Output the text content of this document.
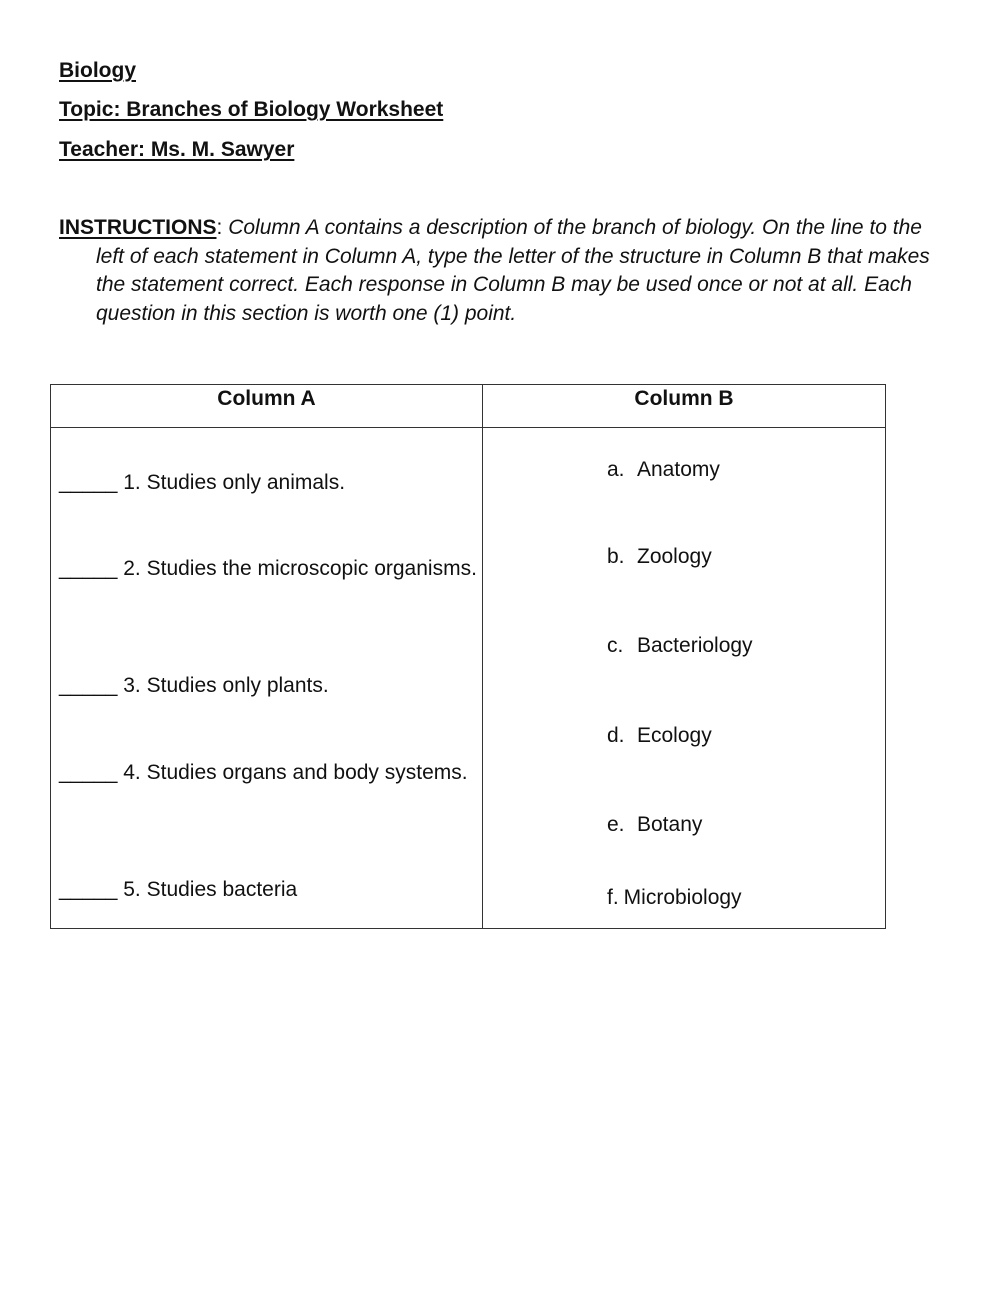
Biology
Topic: Branches of Biology Worksheet
Teacher: Ms. M. Sawyer
INSTRUCTIONS: Column A contains a description of the branch of biology. On the line to the left of each statement in Column A, type the letter of the structure in Column B that makes the statement correct. Each response in Column B may be used once or not at all. Each question in this section is worth one (1) point.
Column A	Column B
_____ 1. Studies only animals.
_____ 2. Studies the microscopic organisms.
_____ 3. Studies only plants.
_____ 4. Studies organs and body systems.
_____ 5. Studies bacteria
a. Anatomy
b. Zoology
c. Bacteriology
d. Ecology
e. Botany
f. Microbiology
